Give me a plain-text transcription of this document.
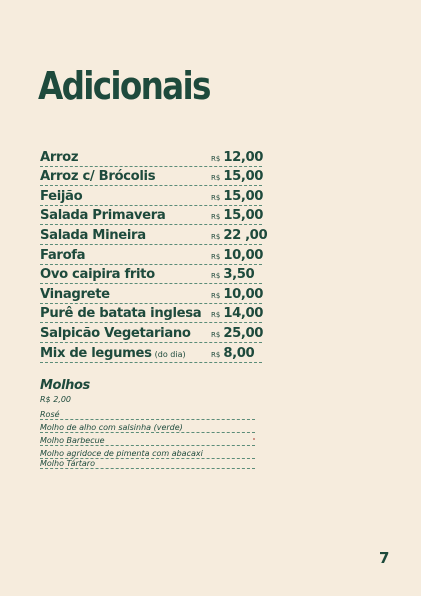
Adicionais
Arroz	R$ 12,00
Arroz c/ Brócolis	R$ 15,00
Feijão	R$ 15,00
Salada Primavera	R$ 15,00
Salada Mineira	R$ 22 ,00
Farofa	R$ 10,00
Ovo caipira frito	R$ 3,50
Vinagrete	R$ 10,00
Purê de batata inglesa R$ 14,00
Salpicão Vegetariano	R$ 25,00
Mix de legumes (do dia)	R$ 8,00
Molhos
R$ 2,00
Rosé
Molho de alho com salsinha (verde)
Molho Barbecue
Molho agridoce de pimenta com abacaxi
Molho Tártaro
7
